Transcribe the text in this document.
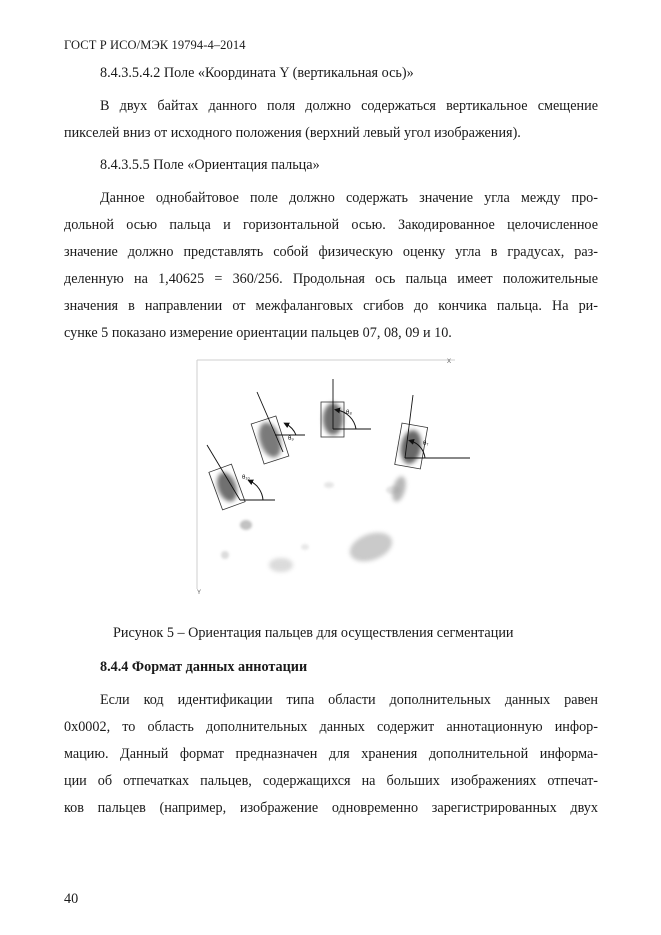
ГОСТ Р ИСО/МЭК 19794-4–2014
8.4.3.5.4.2 Поле «Координата Y (вертикальная ось)»
В двух байтах данного поля должно содержаться вертикальное смещение
пикселей вниз от исходного положения (верхний левый угол изображения).
8.4.3.5.5 Поле «Ориентация пальца»
Данное однобайтовое поле должно содержать значение угла между про-
дольной осью пальца и горизонтальной осью. Закодированное целочисленное
значение должно представлять собой физическую оценку угла в градусах, раз-
деленную на 1,40625 = 360/256. Продольная ось пальца имеет положительные
значения в направлении от межфаланговых сгибов до кончика пальца. На ри-
сунке 5 показано измерение ориентации пальцев 07, 08, 09 и 10.
X
Y
θ₁₀
θ₉
θ₈
θ₇
Рисунок 5 – Ориентация пальцев для осуществления сегментации
8.4.4 Формат данных аннотации
Если код идентификации типа области дополнительных данных равен
0x0002, то область дополнительных данных содержит аннотационную инфор-
мацию. Данный формат предназначен для хранения дополнительной информа-
ции об отпечатках пальцев, содержащихся на больших изображениях отпечат-
ков пальцев (например, изображение одновременно зарегистрированных двух
40
